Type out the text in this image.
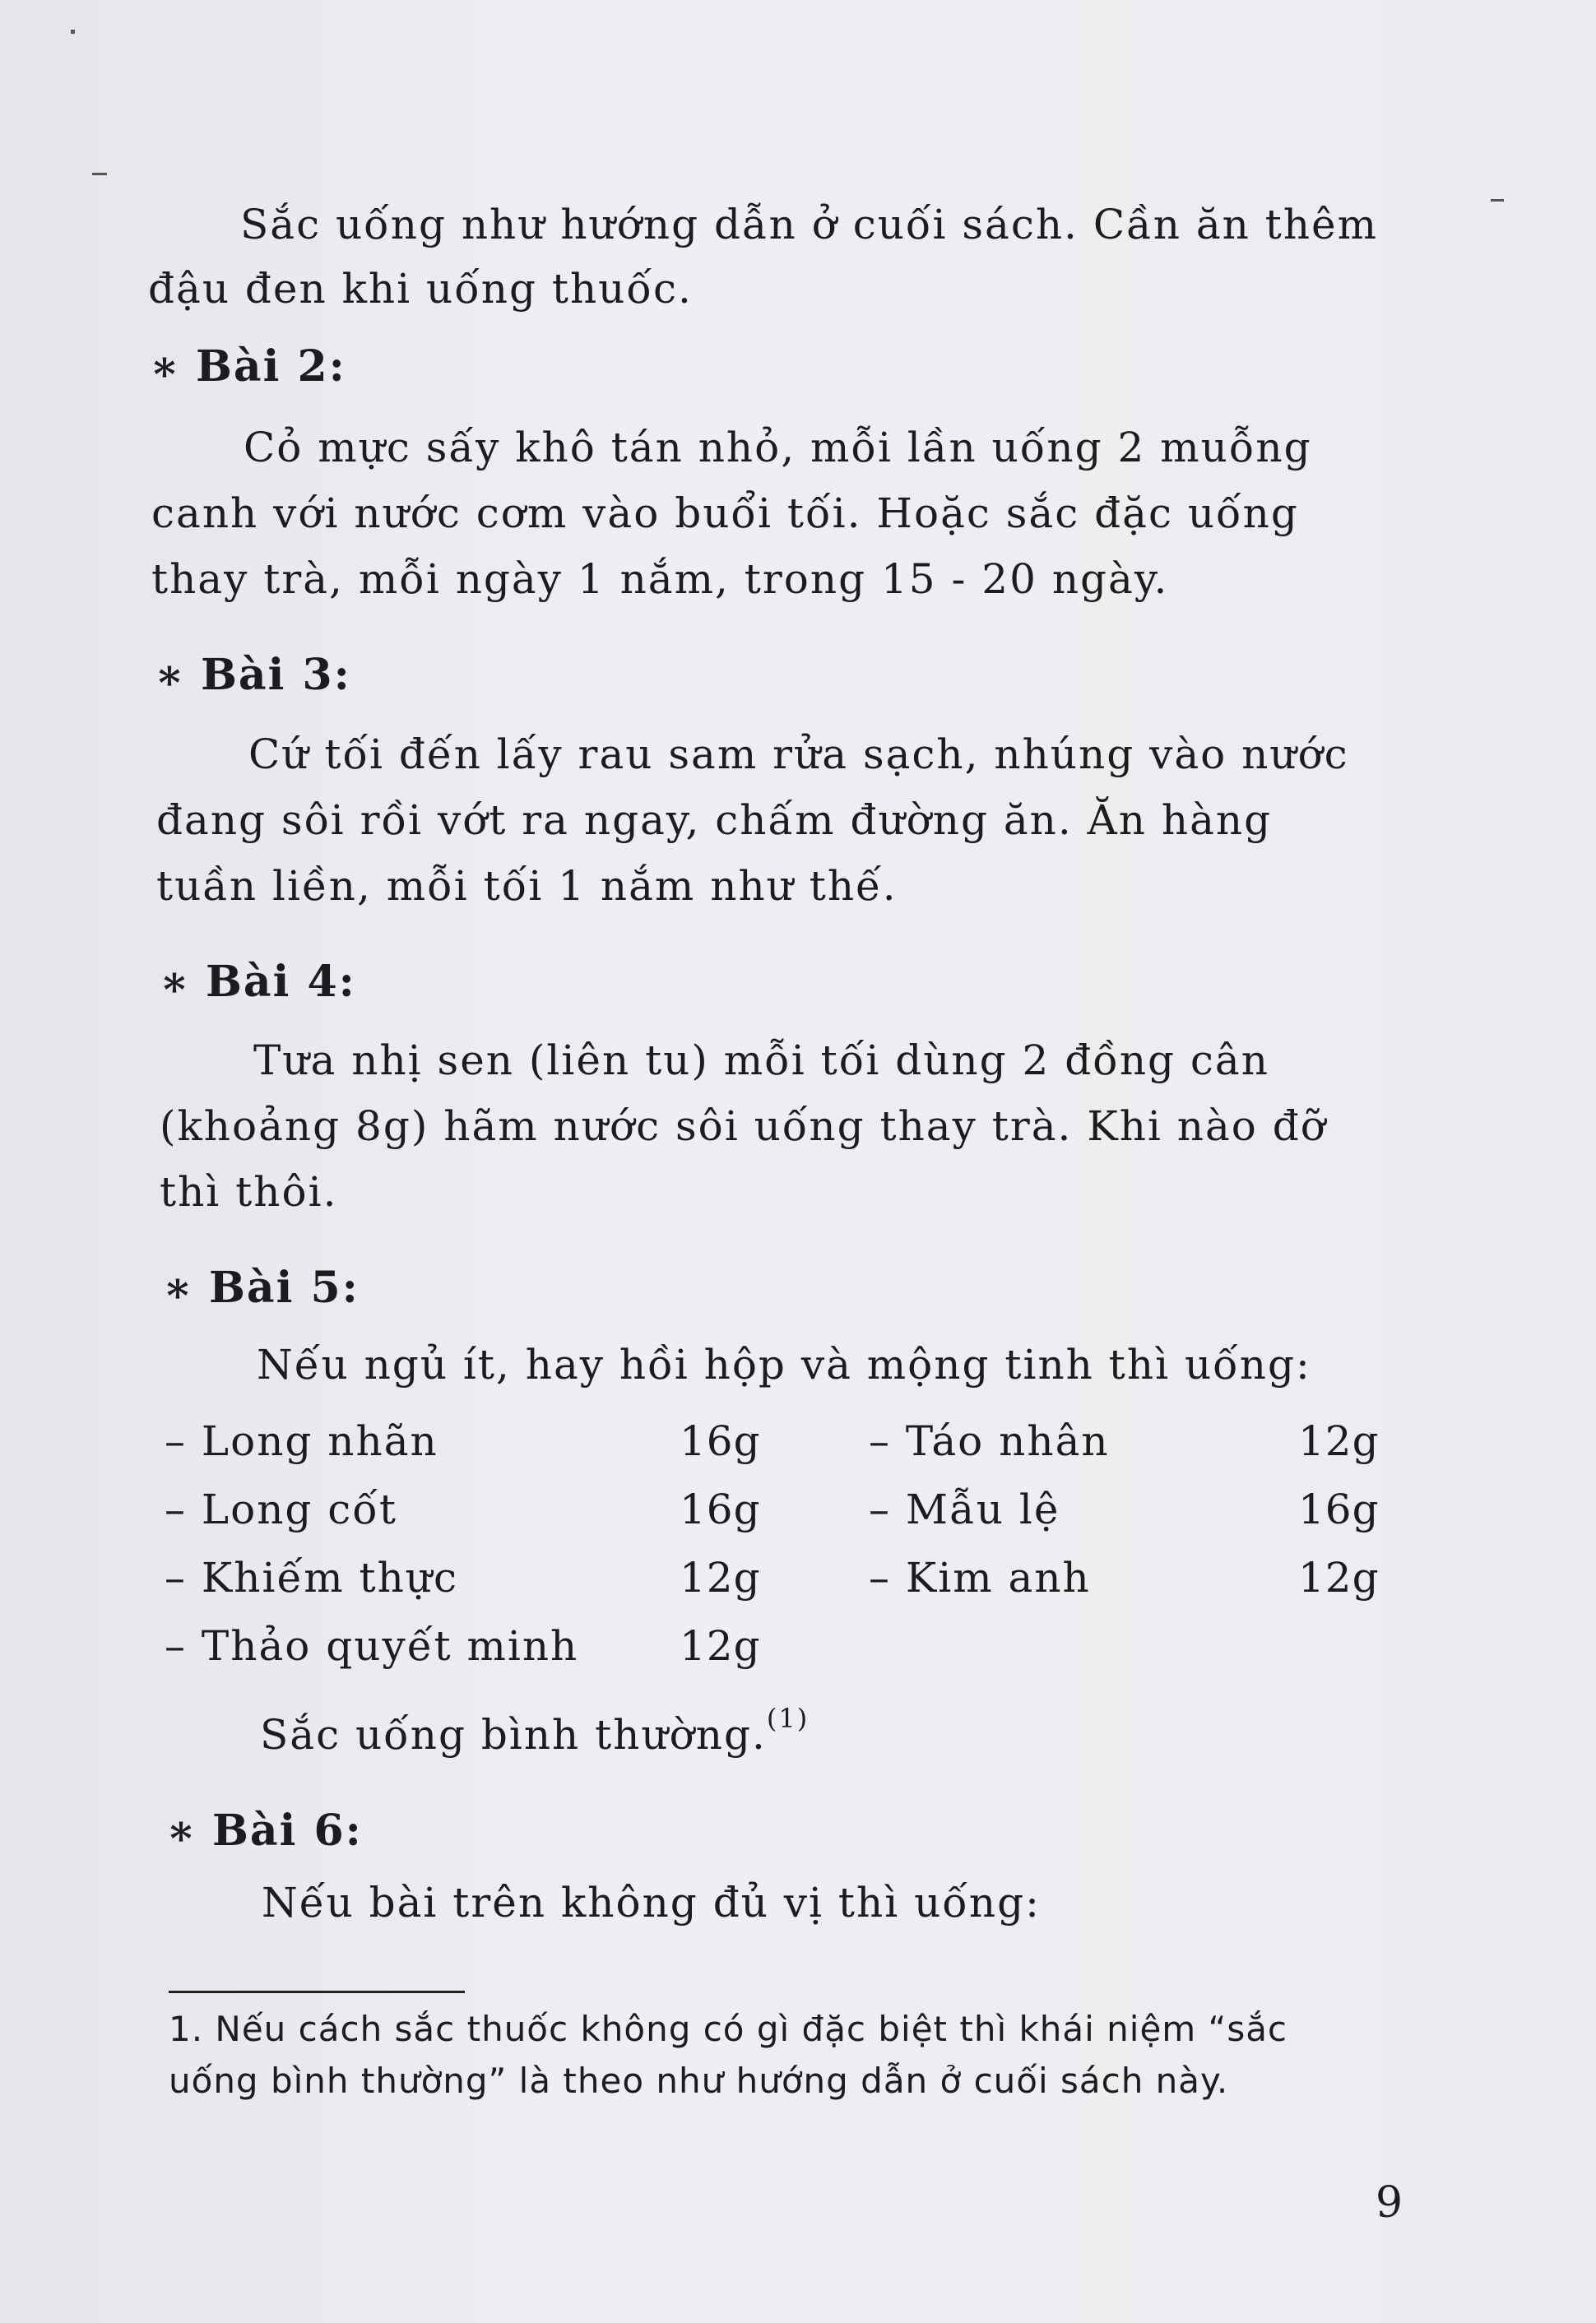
Sắc uống như hướng dẫn ở cuối sách. Cần ăn thêm
đậu đen khi uống thuốc.
∗ Bài 2:
Cỏ mực sấy khô tán nhỏ, mỗi lần uống 2 muỗng
canh với nước cơm vào buổi tối. Hoặc sắc đặc uống
thay trà, mỗi ngày 1 nắm, trong 15 - 20 ngày.
∗ Bài 3:
Cứ tối đến lấy rau sam rửa sạch, nhúng vào nước
đang sôi rồi vớt ra ngay, chấm đường ăn. Ăn hàng
tuần liền, mỗi tối 1 nắm như thế.
∗ Bài 4:
Tưa nhị sen (liên tu) mỗi tối dùng 2 đồng cân
(khoảng 8g) hãm nước sôi uống thay trà. Khi nào đỡ
thì thôi.
∗ Bài 5:
Nếu ngủ ít, hay hồi hộp và mộng tinh thì uống:
– Long nhãn	16g	– Táo nhân	12g
– Long cốt	16g	– Mẫu lệ	16g
– Khiếm thực	12g	– Kim anh	12g
– Thảo quyết minh 12g
Sắc uống bình thường.$^{(1)}$
∗ Bài 6:
Nếu bài trên không đủ vị thì uống:
1. Nếu cách sắc thuốc không có gì đặc biệt thì khái niệm “sắc
uống bình thường” là theo như hướng dẫn ở cuối sách này.
9
